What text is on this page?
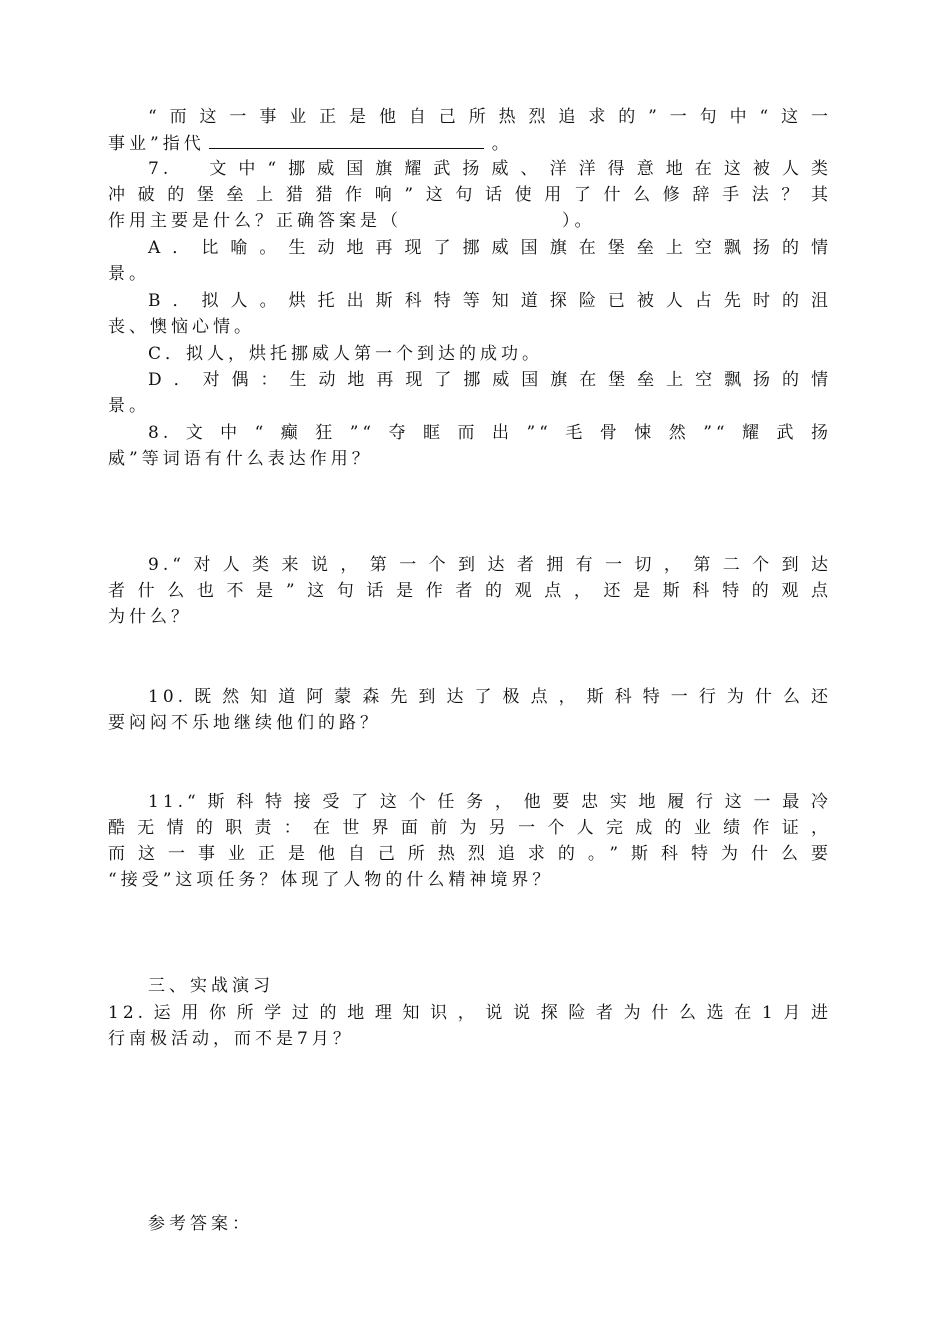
“而这一事业正是他自己所热烈追求的”一句中“这一
事业”指代	。
7.　文中“挪威国旗耀武扬威、洋洋得意地在这被人类
冲破的堡垒上猎猎作响”这句话使用了什么修辞手法？其
作用主要是什么？正确答案是（	）。
A．比喻。生动地再现了挪威国旗在堡垒上空飘扬的情
景。
B．拟人。烘托出斯科特等知道探险已被人占先时的沮
丧、懊恼心情。
C．拟人，烘托挪威人第一个到达的成功。
D．对偶：生动地再现了挪威国旗在堡垒上空飘扬的情
景。
8.文中“癫狂”“夺眶而出”“毛骨悚然”“耀武扬
威”等词语有什么表达作用？
9.“对人类来说，第一个到达者拥有一切，第二个到达
者什么也不是”这句话是作者的观点，还是斯科特的观点
为什么？
10.既然知道阿蒙森先到达了极点，斯科特一行为什么还
要闷闷不乐地继续他们的路？
11.“斯科特接受了这个任务，他要忠实地履行这一最冷
酷无情的职责：在世界面前为另一个人完成的业绩作证，
而这一事业正是他自己所热烈追求的。”斯科特为什么要
“接受”这项任务？体现了人物的什么精神境界？
三、实战演习
12.运用你所学过的地理知识，说说探险者为什么选在1月进
行南极活动，而不是7月？
参考答案：
